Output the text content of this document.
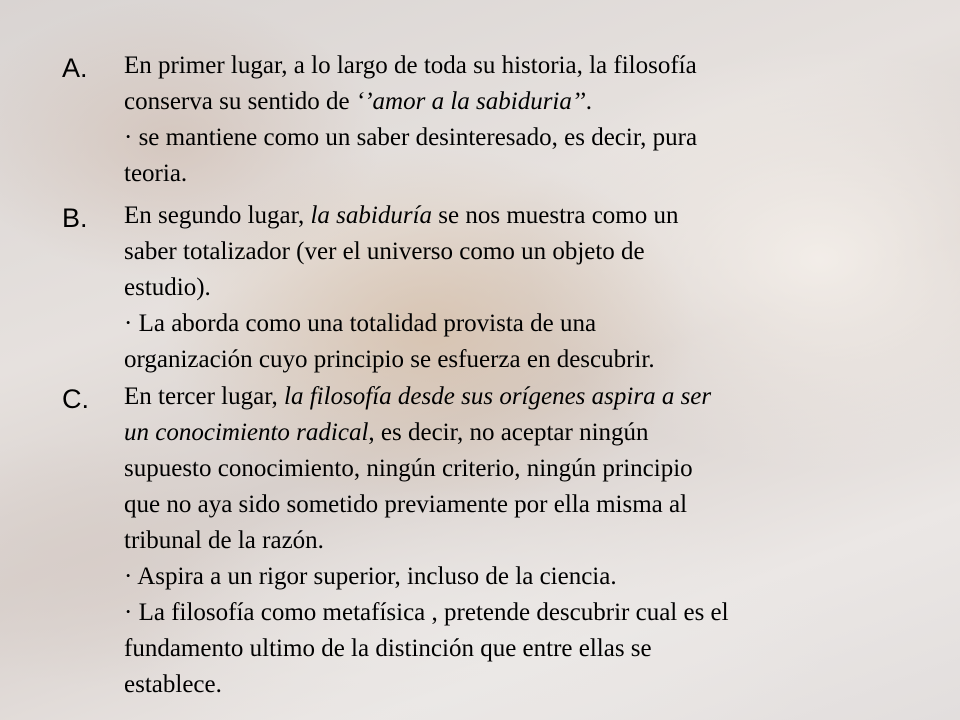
A. En primer lugar, a lo largo de toda su historia, la filosofía
conserva su sentido de ‘’amor a la sabiduria’’.
· se mantiene como un saber desinteresado, es decir, pura
teoria.
B. En segundo lugar, la sabiduría se nos muestra como un
saber totalizador (ver el universo como un objeto de
estudio).
· La aborda como una totalidad provista de una
organización cuyo principio se esfuerza en descubrir.
C. En tercer lugar, la filosofía desde sus orígenes aspira a ser
un conocimiento radical, es decir, no aceptar ningún
supuesto conocimiento, ningún criterio, ningún principio
que no aya sido sometido previamente por ella misma al
tribunal de la razón.
· Aspira a un rigor superior, incluso de la ciencia.
· La filosofía como metafísica , pretende descubrir cual es el
fundamento ultimo de la distinción que entre ellas se
establece.
